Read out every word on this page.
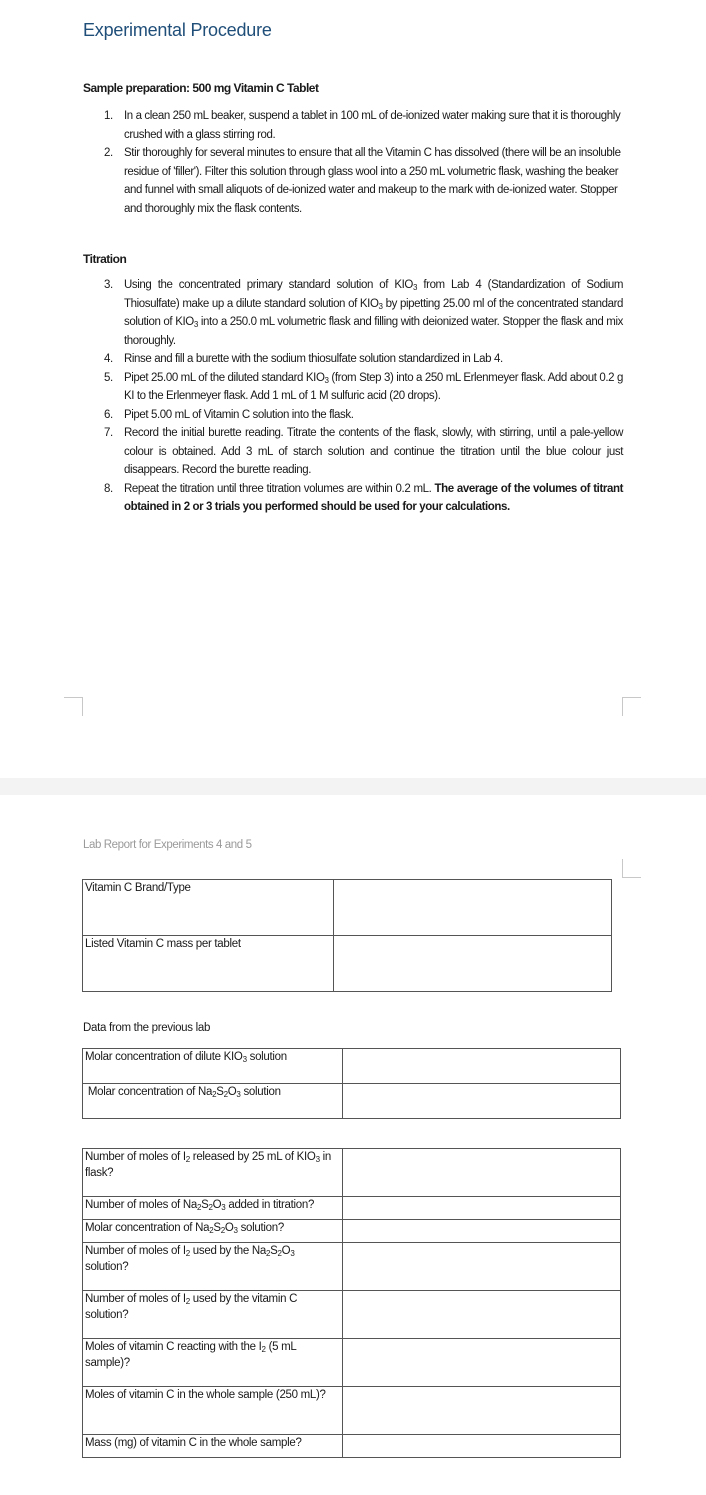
Experimental Procedure
Sample preparation: 500 mg Vitamin C Tablet
1. In a clean 250 mL beaker, suspend a tablet in 100 mL of de-ionized water making sure that it is thoroughly crushed with a glass stirring rod.
2. Stir thoroughly for several minutes to ensure that all the Vitamin C has dissolved (there will be an insoluble residue of 'filler'). Filter this solution through glass wool into a 250 mL volumetric flask, washing the beaker and funnel with small aliquots of de-ionized water and makeup to the mark with de-ionized water. Stopper and thoroughly mix the flask contents.
Titration
3. Using the concentrated primary standard solution of $KIO_3$ from Lab 4 (Standardization of Sodium Thiosulfate) make up a dilute standard solution of $KIO_3$ by pipetting 25.00 ml of the concentrated standard solution of $KIO_3$ into a 250.0 mL volumetric flask and filling with deionized water. Stopper the flask and mix thoroughly.
4. Rinse and fill a burette with the sodium thiosulfate solution standardized in Lab 4.
5. Pipet 25.00 mL of the diluted standard $KIO_3$ (from Step 3) into a 250 mL Erlenmeyer flask. Add about 0.2 g KI to the Erlenmeyer flask. Add 1 mL of 1 M sulfuric acid (20 drops).
6. Pipet 5.00 mL of Vitamin C solution into the flask.
7. Record the initial burette reading. Titrate the contents of the flask, slowly, with stirring, until a pale-yellow colour is obtained. Add 3 mL of starch solution and continue the titration until the blue colour just disappears. Record the burette reading.
8. Repeat the titration until three titration volumes are within 0.2 mL. The average of the volumes of titrant obtained in 2 or 3 trials you performed should be used for your calculations.
Lab Report for Experiments 4 and 5
Vitamin C Brand/Type	
Listed Vitamin C mass per tablet	
Data from the previous lab
Molar concentration of dilute $KIO_3$ solution	
Molar concentration of $Na_2S_2O_3$ solution	
Number of moles of $I_2$ released by 25 mL of $KIO_3$ in flask?	
Number of moles of $Na_2S_2O_3$ added in titration?	
Molar concentration of $Na_2S_2O_3$ solution?	
Number of moles of $I_2$ used by the $Na_2S_2O_3$ solution?	
Number of moles of $I_2$ used by the vitamin C solution?	
Moles of vitamin C reacting with the $I_2$ (5 mL sample)?	
Moles of vitamin C in the whole sample (250 mL)?	
Mass (mg) of vitamin C in the whole sample?	
